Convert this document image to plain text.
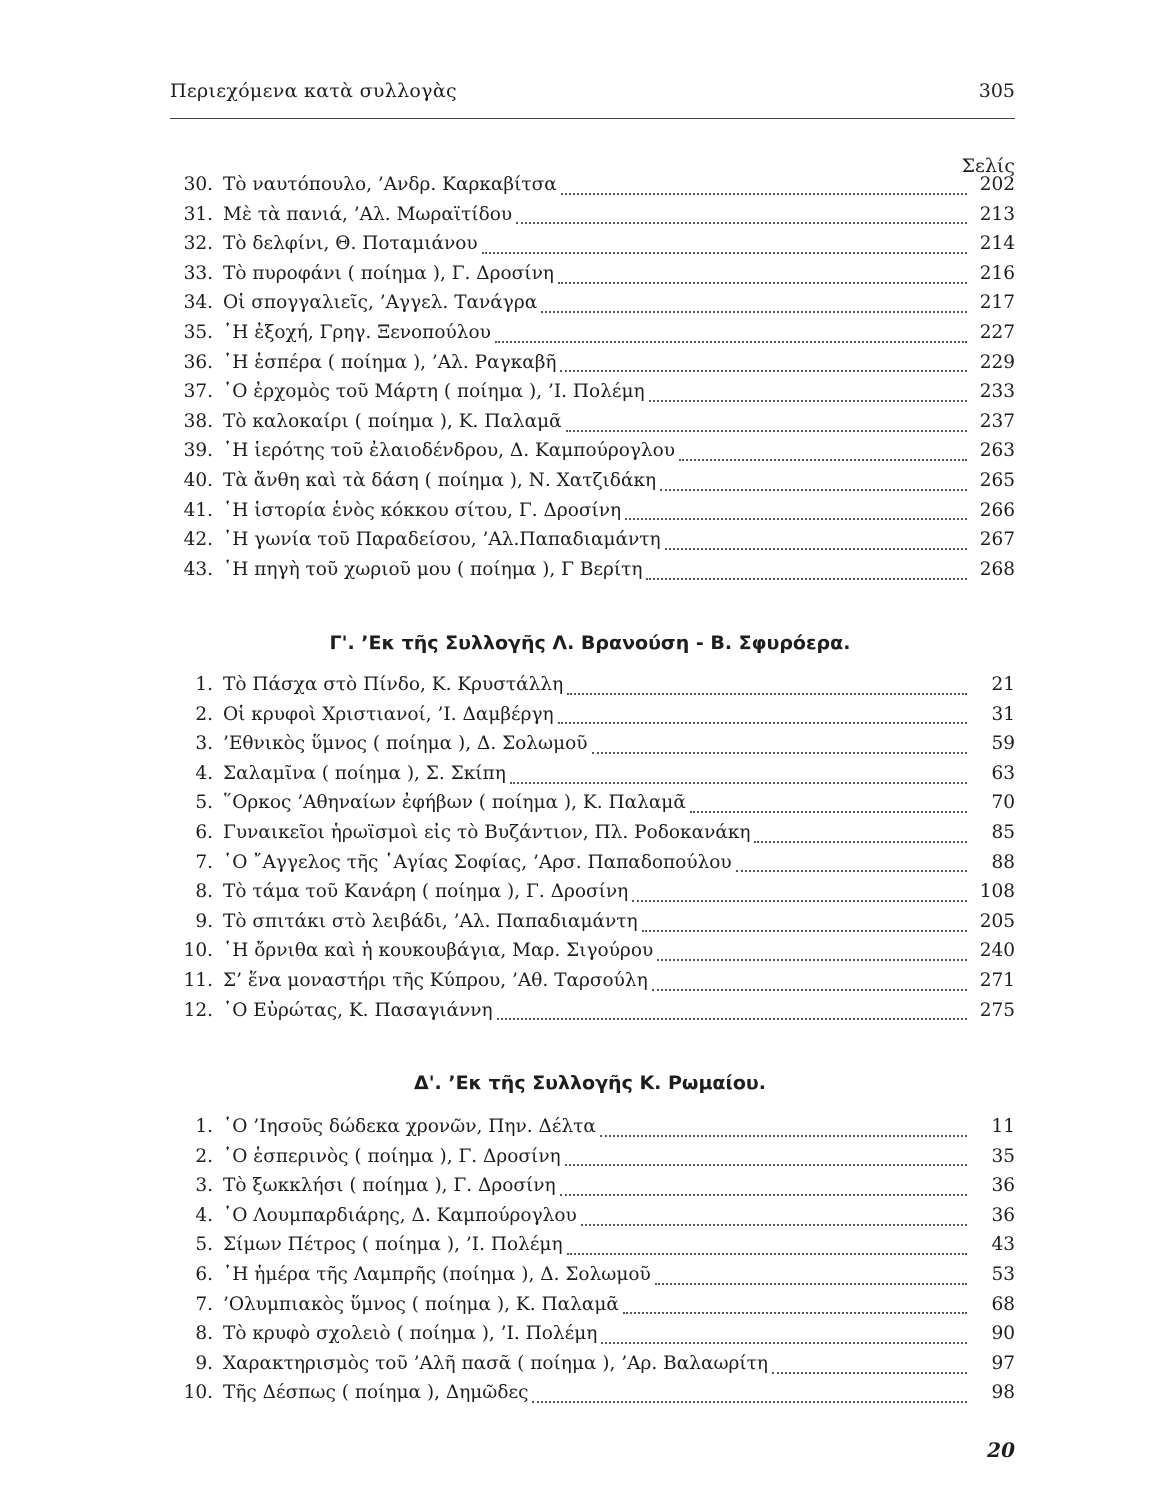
Περιεχόμενα κατὰ συλλογὰς	305
Σελίς
30. Τὸ ναυτόπουλο, ’Ανδρ. Καρκαβίτσα	202
31. Μὲ τὰ πανιά, ’Αλ. Μωραϊτίδου	213
32. Τὸ δελφίνι, Θ. Ποταμιάνου	214
33. Τὸ πυροφάνι ( ποίημα ), Γ. Δροσίνη	216
34. Οἱ σπογγαλιεῖς, ’Αγγελ. Τανάγρα	217
35. ῾Η ἐξοχή, Γρηγ. Ξενοπούλου	227
36. ῾Η ἑσπέρα ( ποίημα ), ’Αλ. Ραγκαβῆ	229
37. ῾Ο ἐρχομὸς τοῦ Μάρτη ( ποίημα ), ’Ι. Πολέμη	233
38. Τὸ καλοκαίρι ( ποίημα ), Κ. Παλαμᾶ	237
39. ῾Η ἱερότης τοῦ ἐλαιοδένδρου, Δ. Καμπούρογλου	263
40. Τὰ ἄνθη καὶ τὰ δάση ( ποίημα ), Ν. Χατζιδάκη	265
41. ῾Η ἱστορία ἑνὸς κόκκου σίτου, Γ. Δροσίνη	266
42. ῾Η γωνία τοῦ Παραδείσου, ’Αλ.Παπαδιαμάντη	267
43. ῾Η πηγὴ τοῦ χωριοῦ μου ( ποίημα ), Γ Βερίτη	268
Γ'. ’Εκ τῆς Συλλογῆς Λ. Βρανούση - Β. Σφυρόερα.
1. Τὸ Πάσχα στὸ Πίνδο, Κ. Κρυστάλλη	21
2. Οἱ κρυφοὶ Χριστιανοί, ’Ι. Δαμβέργη	31
3. ’Εθνικὸς ὕμνος ( ποίημα ), Δ. Σολωμοῦ	59
4. Σαλαμῖνα ( ποίημα ), Σ. Σκίπη	63
5. ῞Ορκος ’Αθηναίων ἐφήβων ( ποίημα ), Κ. Παλαμᾶ	70
6. Γυναικεῖοι ἡρωϊσμοὶ εἰς τὸ Βυζάντιον, Πλ. Ροδοκανάκη	85
7. ῾Ο ῎Αγγελος τῆς ῾Αγίας Σοφίας, ’Αρσ. Παπαδοπούλου	88
8. Τὸ τάμα τοῦ Κανάρη ( ποίημα ), Γ. Δροσίνη	108
9. Τὸ σπιτάκι στὸ λειβάδι, ’Αλ. Παπαδιαμάντη	205
10. ῾Η ὄρνιθα καὶ ἡ κουκουβάγια, Μαρ. Σιγούρου	240
11. Σ’ ἕνα μοναστήρι τῆς Κύπρου, ’Αθ. Ταρσούλη	271
12. ῾Ο Εὐρώτας, Κ. Πασαγιάννη	275
Δ'. ’Εκ τῆς Συλλογῆς Κ. Ρωμαίου.
1. ῾Ο ’Ιησοῦς δώδεκα χρονῶν, Πην. Δέλτα	11
2. ῾Ο ἑσπερινὸς ( ποίημα ), Γ. Δροσίνη	35
3. Τὸ ξωκκλήσι ( ποίημα ), Γ. Δροσίνη	36
4. ῾Ο Λουμπαρδιάρης, Δ. Καμπούρογλου	36
5. Σίμων Πέτρος ( ποίημα ), ’Ι. Πολέμη	43
6. ῾Η ἡμέρα τῆς Λαμπρῆς (ποίημα ), Δ. Σολωμοῦ	53
7. ’Ολυμπιακὸς ὕμνος ( ποίημα ), Κ. Παλαμᾶ	68
8. Τὸ κρυφὸ σχολειὸ ( ποίημα ), ’Ι. Πολέμη	90
9. Χαρακτηρισμὸς τοῦ ’Αλῆ πασᾶ ( ποίημα ), ’Αρ. Βαλαωρίτη	97
10. Τῆς Δέσπως ( ποίημα ), Δημῶδες	98
20
